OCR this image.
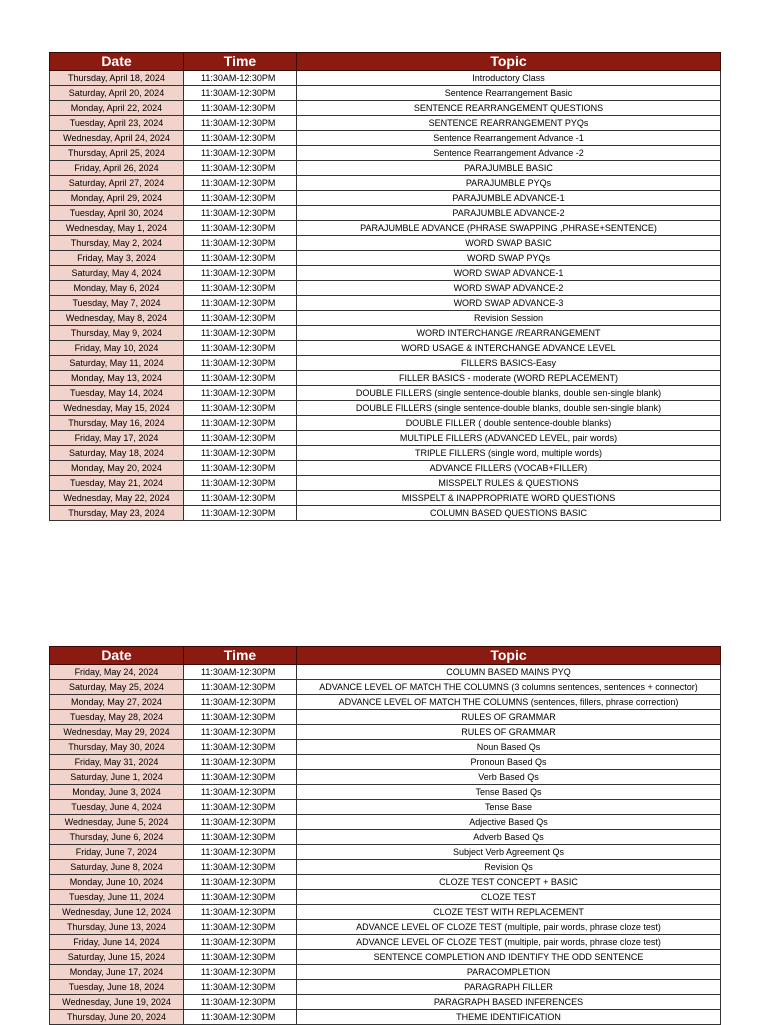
Date	Time	Topic
Thursday, April 18, 2024	11:30AM-12:30PM	Introductory Class
Saturday, April 20, 2024	11:30AM-12:30PM	Sentence Rearrangement Basic
Monday, April 22, 2024	11:30AM-12:30PM	SENTENCE REARRANGEMENT QUESTIONS
Tuesday, April 23, 2024	11:30AM-12:30PM	SENTENCE REARRANGEMENT PYQs
Wednesday, April 24, 2024	11:30AM-12:30PM	Sentence Rearrangement Advance -1
Thursday, April 25, 2024	11:30AM-12:30PM	Sentence Rearrangement Advance -2
Friday, April 26, 2024	11:30AM-12:30PM	PARAJUMBLE BASIC
Saturday, April 27, 2024	11:30AM-12:30PM	PARAJUMBLE PYQs
Monday, April 29, 2024	11:30AM-12:30PM	PARAJUMBLE ADVANCE-1
Tuesday, April 30, 2024	11:30AM-12:30PM	PARAJUMBLE ADVANCE-2
Wednesday, May 1, 2024	11:30AM-12:30PM	PARAJUMBLE ADVANCE (PHRASE SWAPPING ,PHRASE+SENTENCE)
Thursday, May 2, 2024	11:30AM-12:30PM	WORD SWAP BASIC
Friday, May 3, 2024	11:30AM-12:30PM	WORD SWAP PYQs
Saturday, May 4, 2024	11:30AM-12:30PM	WORD SWAP ADVANCE-1
Monday, May 6, 2024	11:30AM-12:30PM	WORD SWAP ADVANCE-2
Tuesday, May 7, 2024	11:30AM-12:30PM	WORD SWAP ADVANCE-3
Wednesday, May 8, 2024	11:30AM-12:30PM	Revision Session
Thursday, May 9, 2024	11:30AM-12:30PM	WORD INTERCHANGE /REARRANGEMENT
Friday, May 10, 2024	11:30AM-12:30PM	WORD USAGE & INTERCHANGE ADVANCE LEVEL
Saturday, May 11, 2024	11:30AM-12:30PM	FILLERS BASICS-Easy
Monday, May 13, 2024	11:30AM-12:30PM	FILLER BASICS - moderate (WORD REPLACEMENT)
Tuesday, May 14, 2024	11:30AM-12:30PM	DOUBLE FILLERS (single sentence-double blanks, double sen-single blank)
Wednesday, May 15, 2024	11:30AM-12:30PM	DOUBLE FILLERS (single sentence-double blanks, double sen-single blank)
Thursday, May 16, 2024	11:30AM-12:30PM	DOUBLE FILLER ( double sentence-double blanks)
Friday, May 17, 2024	11:30AM-12:30PM	MULTIPLE FILLERS (ADVANCED LEVEL, pair words)
Saturday, May 18, 2024	11:30AM-12:30PM	TRIPLE FILLERS (single word, multiple words)
Monday, May 20, 2024	11:30AM-12:30PM	ADVANCE FILLERS (VOCAB+FILLER)
Tuesday, May 21, 2024	11:30AM-12:30PM	MISSPELT RULES & QUESTIONS
Wednesday, May 22, 2024	11:30AM-12:30PM	MISSPELT & INAPPROPRIATE WORD QUESTIONS
Thursday, May 23, 2024	11:30AM-12:30PM	COLUMN BASED QUESTIONS BASIC
Date	Time	Topic
Friday, May 24, 2024	11:30AM-12:30PM	COLUMN BASED MAINS PYQ
Saturday, May 25, 2024	11:30AM-12:30PM	ADVANCE LEVEL OF MATCH THE COLUMNS (3 columns sentences, sentences + connector)
Monday, May 27, 2024	11:30AM-12:30PM	ADVANCE LEVEL OF MATCH THE COLUMNS (sentences, fillers, phrase correction)
Tuesday, May 28, 2024	11:30AM-12:30PM	RULES OF GRAMMAR
Wednesday, May 29, 2024	11:30AM-12:30PM	RULES OF GRAMMAR
Thursday, May 30, 2024	11:30AM-12:30PM	Noun Based Qs
Friday, May 31, 2024	11:30AM-12:30PM	Pronoun Based Qs
Saturday, June 1, 2024	11:30AM-12:30PM	Verb Based Qs
Monday, June 3, 2024	11:30AM-12:30PM	Tense Based Qs
Tuesday, June 4, 2024	11:30AM-12:30PM	Tense Base
Wednesday, June 5, 2024	11:30AM-12:30PM	Adjective Based Qs
Thursday, June 6, 2024	11:30AM-12:30PM	Adverb Based Qs
Friday, June 7, 2024	11:30AM-12:30PM	Subject Verb Agreement Qs
Saturday, June 8, 2024	11:30AM-12:30PM	Revision Qs
Monday, June 10, 2024	11:30AM-12:30PM	CLOZE TEST CONCEPT + BASIC
Tuesday, June 11, 2024	11:30AM-12:30PM	CLOZE TEST
Wednesday, June 12, 2024	11:30AM-12:30PM	CLOZE TEST WITH REPLACEMENT
Thursday, June 13, 2024	11:30AM-12:30PM	ADVANCE LEVEL OF CLOZE TEST (multiple, pair words, phrase cloze test)
Friday, June 14, 2024	11:30AM-12:30PM	ADVANCE LEVEL OF CLOZE TEST (multiple, pair words, phrase cloze test)
Saturday, June 15, 2024	11:30AM-12:30PM	SENTENCE COMPLETION AND IDENTIFY THE ODD SENTENCE
Monday, June 17, 2024	11:30AM-12:30PM	PARACOMPLETION
Tuesday, June 18, 2024	11:30AM-12:30PM	PARAGRAPH FILLER
Wednesday, June 19, 2024	11:30AM-12:30PM	PARAGRAPH BASED INFERENCES
Thursday, June 20, 2024	11:30AM-12:30PM	THEME IDENTIFICATION
